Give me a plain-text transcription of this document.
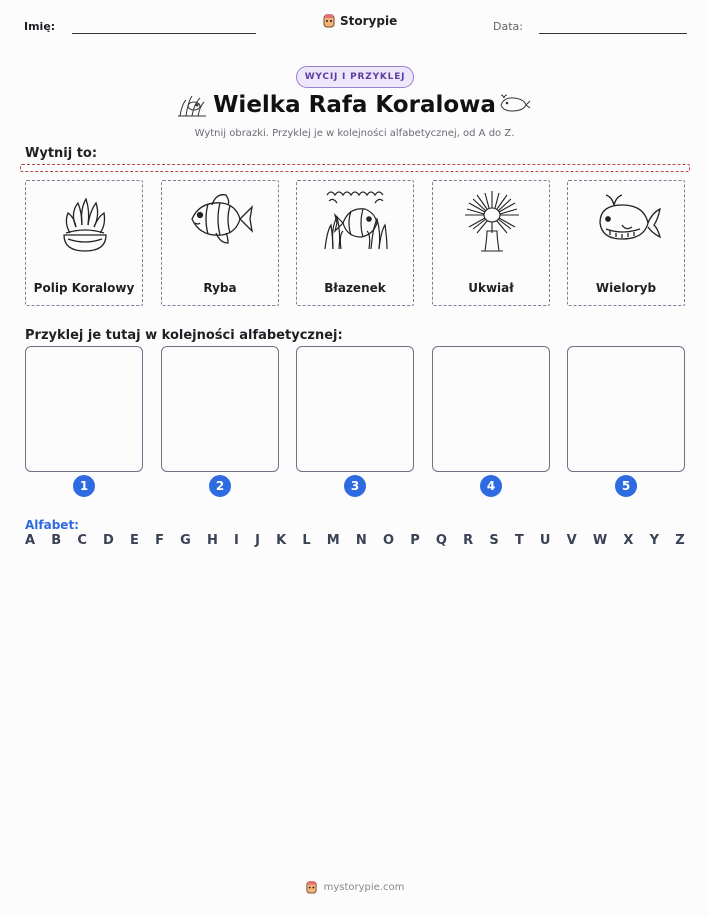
Imię:	Storypie	Data:
WYCIJ I PRZYKLEJ
Wielka Rafa Koralowa
Wytnij obrazki. Przyklej je w kolejności alfabetycznej, od A do Z.
Wytnij to:
Polip Koralowy	Ryba	Błazenek	Ukwiał	Wieloryb
Przyklej je tutaj w kolejności alfabetycznej:
1	2	3	4	5
Alfabet:
A B C D E F G H I J K L M N O P Q R S T U V W X Y Z
mystorypie.com
